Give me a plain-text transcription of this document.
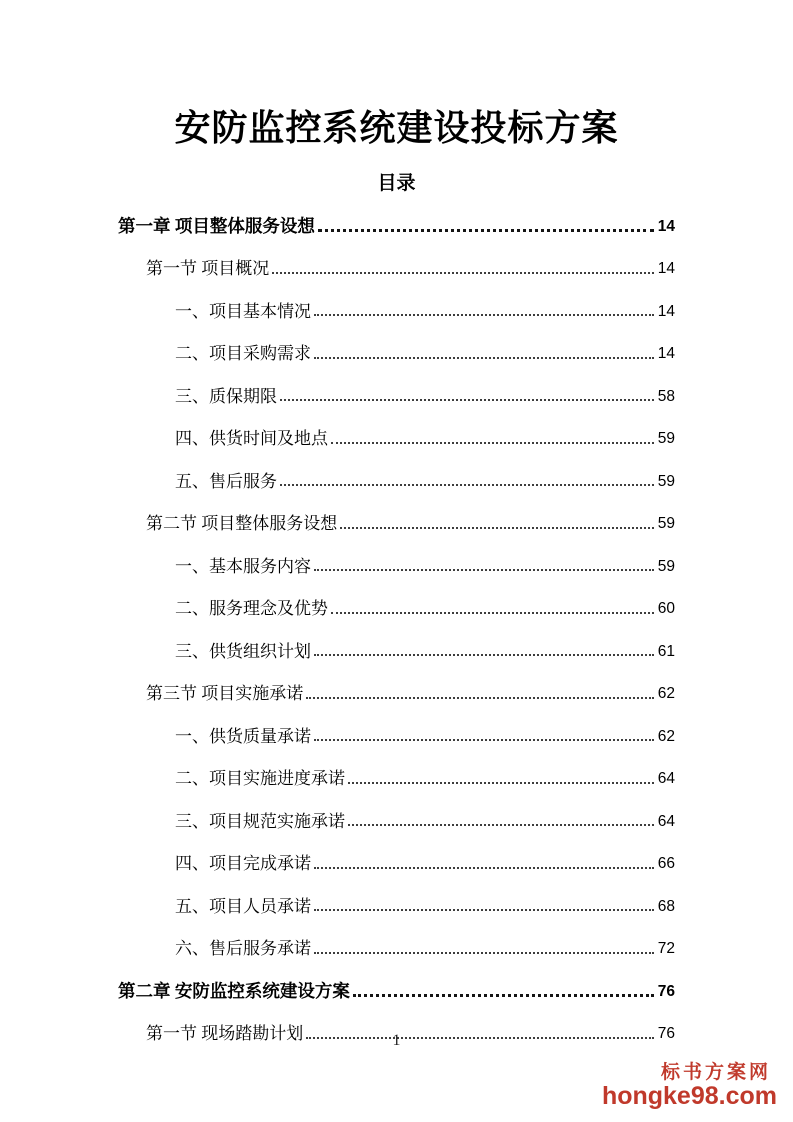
安防监控系统建设投标方案
目录
第一章 项目整体服务设想	14
第一节 项目概况	14
一、项目基本情况	14
二、项目采购需求	14
三、质保期限	58
四、供货时间及地点	59
五、售后服务	59
第二节 项目整体服务设想	59
一、基本服务内容	59
二、服务理念及优势	60
三、供货组织计划	61
第三节 项目实施承诺	62
一、供货质量承诺	62
二、项目实施进度承诺	64
三、项目规范实施承诺	64
四、项目完成承诺	66
五、项目人员承诺	68
六、售后服务承诺	72
第二章 安防监控系统建设方案	76
第一节 现场踏勘计划	76
1
标书方案网
hongke98.com
